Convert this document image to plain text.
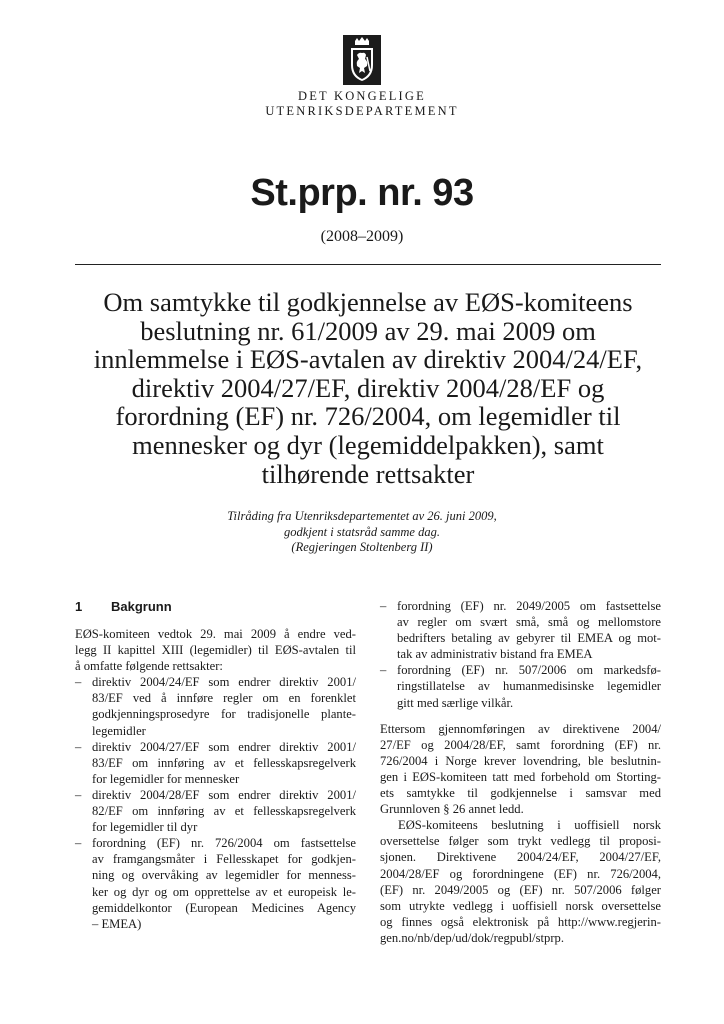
DET KONGELIGE
UTENRIKSDEPARTEMENT
St.prp. nr. 93
(2008–2009)
Om samtykke til godkjennelse av EØS-komiteens
beslutning nr. 61/2009 av 29. mai 2009 om
innlemmelse i EØS-avtalen av direktiv 2004/24/EF,
direktiv 2004/27/EF, direktiv 2004/28/EF og
forordning (EF) nr. 726/2004, om legemidler til
mennesker og dyr (legemiddelpakken), samt
tilhørende rettsakter
Tilråding fra Utenriksdepartementet av 26. juni 2009,
godkjent i statsråd samme dag.
(Regjeringen Stoltenberg II)
1 Bakgrunn
EØS-komiteen vedtok 29. mai 2009 å endre ved-
legg II kapittel XIII (legemidler) til EØS-avtalen til
å omfatte følgende rettsakter:
– direktiv 2004/24/EF som endrer direktiv 2001/
83/EF ved å innføre regler om en forenklet
godkjenningsprosedyre for tradisjonelle plante-
legemidler
– direktiv 2004/27/EF som endrer direktiv 2001/
83/EF om innføring av et fellesskapsregelverk
for legemidler for mennesker
– direktiv 2004/28/EF som endrer direktiv 2001/
82/EF om innføring av et fellesskapsregelverk
for legemidler til dyr
– forordning (EF) nr. 726/2004 om fastsettelse
av framgangsmåter i Fellesskapet for godkjen-
ning og overvåking av legemidler for menness-
ker og dyr og om opprettelse av et europeisk le-
gemiddelkontor (European Medicines Agency
– EMEA)
– forordning (EF) nr. 2049/2005 om fastsettelse
av regler om svært små, små og mellomstore
bedrifters betaling av gebyrer til EMEA og mot-
tak av administrativ bistand fra EMEA
– forordning (EF) nr. 507/2006 om markedsfø-
ringstillatelse av humanmedisinske legemidler
gitt med særlige vilkår.
Ettersom gjennomføringen av direktivene 2004/
27/EF og 2004/28/EF, samt forordning (EF) nr.
726/2004 i Norge krever lovendring, ble beslutnin-
gen i EØS-komiteen tatt med forbehold om Storting-
ets samtykke til godkjennelse i samsvar med
Grunnloven § 26 annet ledd.
EØS-komiteens beslutning i uoffisiell norsk
oversettelse følger som trykt vedlegg til proposi-
sjonen. Direktivene 2004/24/EF, 2004/27/EF,
2004/28/EF og forordningene (EF) nr. 726/2004,
(EF) nr. 2049/2005 og (EF) nr. 507/2006 følger
som utrykte vedlegg i uoffisiell norsk oversettelse
og finnes også elektronisk på http://www.regjerin-
gen.no/nb/dep/ud/dok/regpubl/stprp.
